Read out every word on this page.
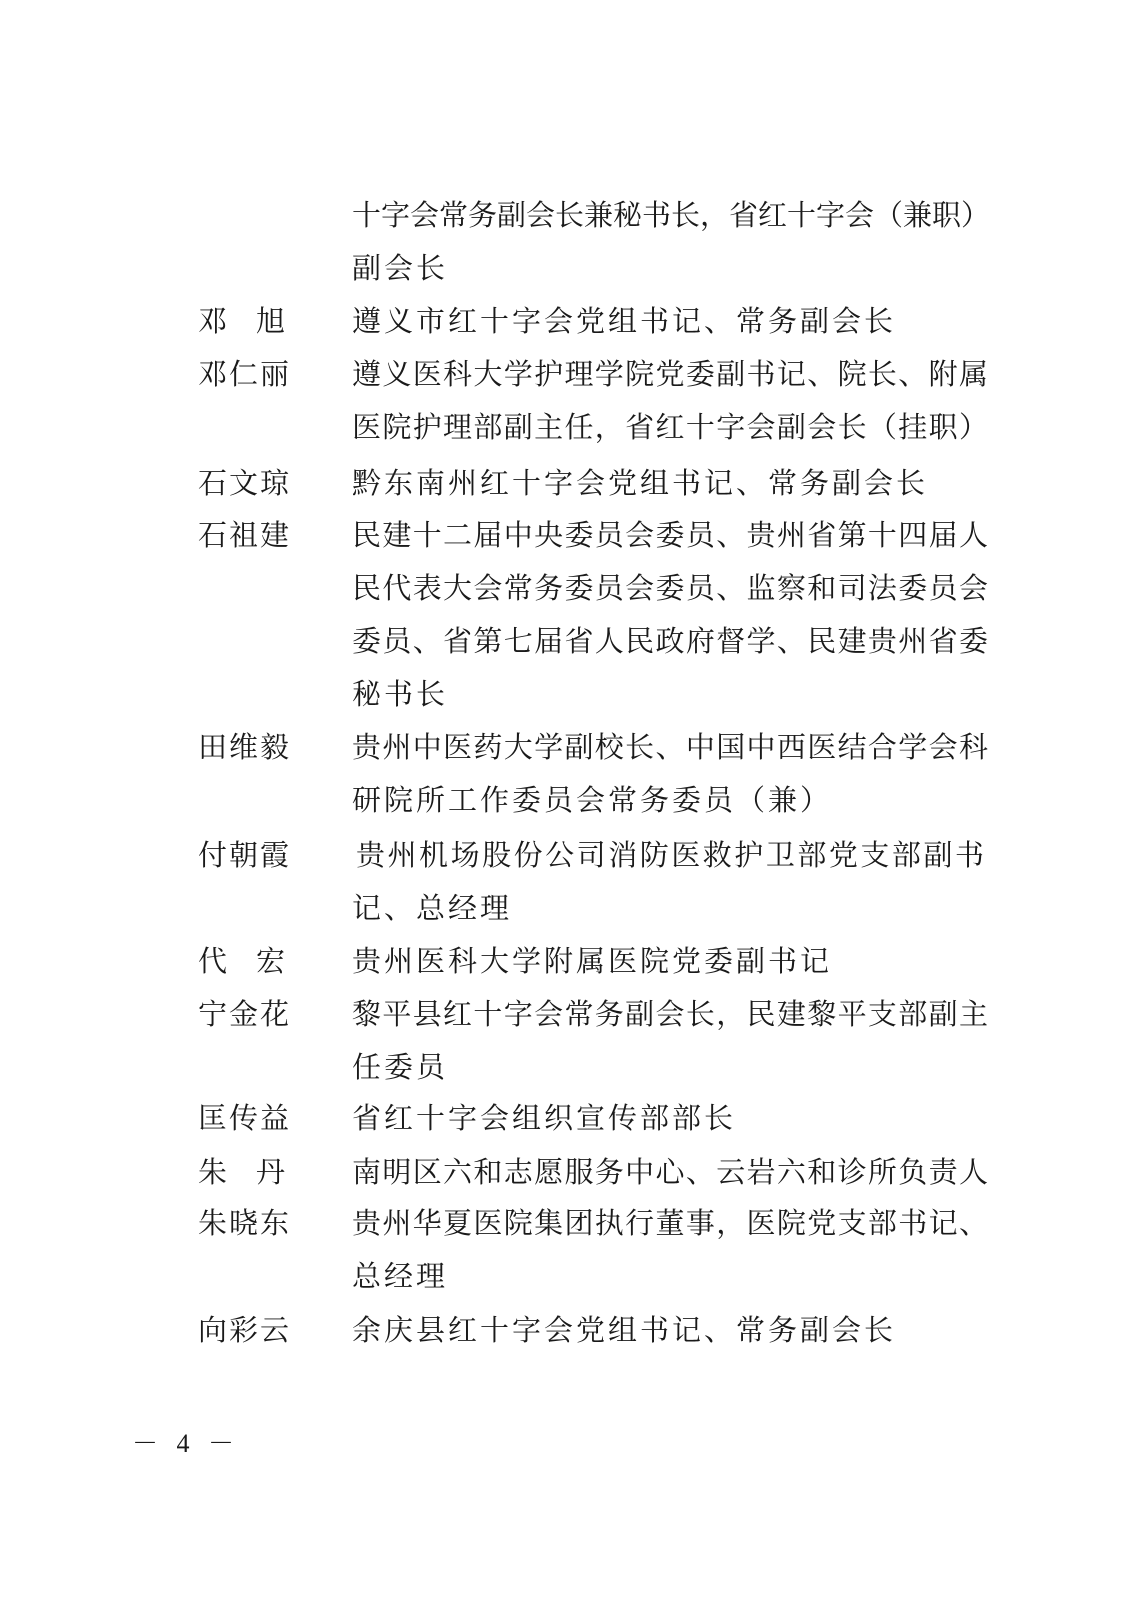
十字会常务副会长兼秘书长，省红十字会（兼职）
副会长
邓　旭 遵义市红十字会党组书记、常务副会长
邓仁丽 遵义医科大学护理学院党委副书记、院长、附属
医院护理部副主任，省红十字会副会长（挂职）
石文琼 黔东南州红十字会党组书记、常务副会长
石祖建 民建十二届中央委员会委员、贵州省第十四届人
民代表大会常务委员会委员、监察和司法委员会
委员、省第七届省人民政府督学、民建贵州省委
秘书长
田维毅 贵州中医药大学副校长、中国中西医结合学会科
研院所工作委员会常务委员（兼）
付朝霞 贵州机场股份公司消防医救护卫部党支部副书
记、总经理
代　宏 贵州医科大学附属医院党委副书记
宁金花 黎平县红十字会常务副会长，民建黎平支部副主
任委员
匡传益 省红十字会组织宣传部部长
朱　丹 南明区六和志愿服务中心、云岩六和诊所负责人
朱晓东 贵州华夏医院集团执行董事，医院党支部书记、
总经理
向彩云 余庆县红十字会党组书记、常务副会长
－ 4 －
